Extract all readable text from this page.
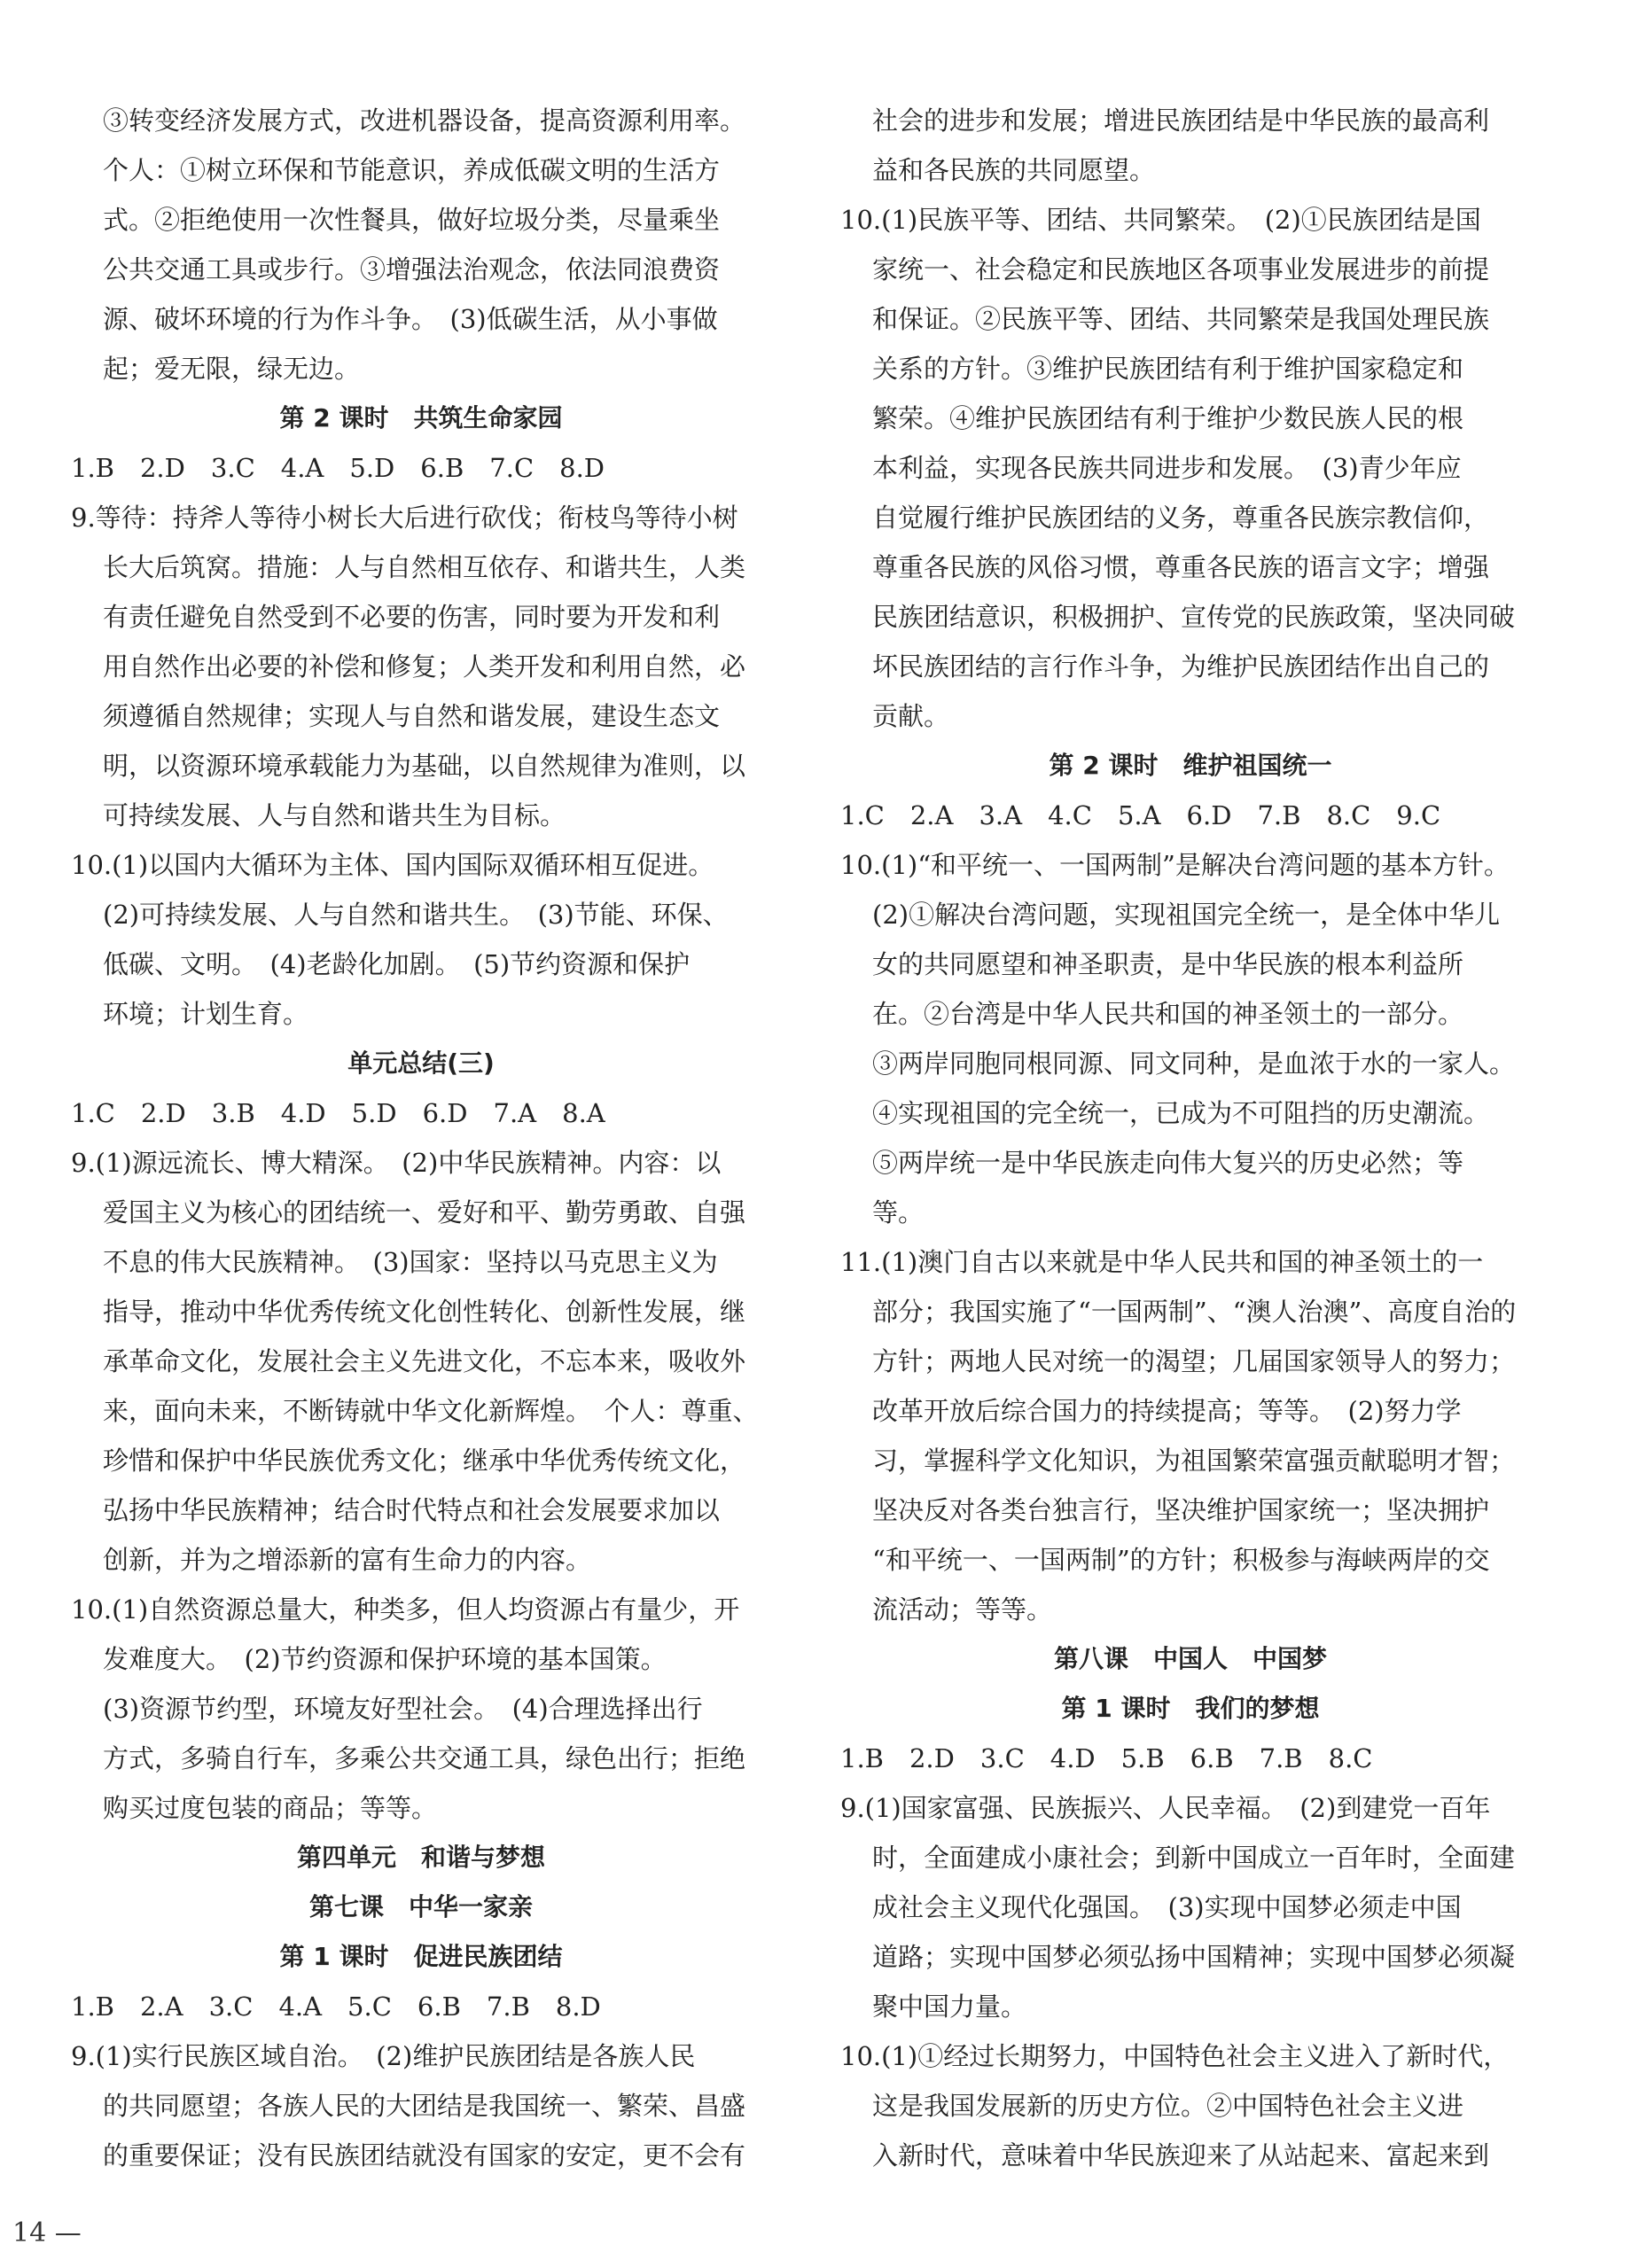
③转变经济发展方式，改进机器设备，提高资源利用率。
个人：①树立环保和节能意识，养成低碳文明的生活方
式。②拒绝使用一次性餐具，做好垃圾分类，尽量乘坐
公共交通工具或步行。③增强法治观念，依法同浪费资
源、破坏环境的行为作斗争。　(3)低碳生活，从小事做
起；爱无限，绿无边。
第 2 课时　共筑生命家园
1.B　2.D　3.C　4.A　5.D　6.B　7.C　8.D
9.等待：持斧人等待小树长大后进行砍伐；衔枝鸟等待小树
长大后筑窝。措施：人与自然相互依存、和谐共生，人类
有责任避免自然受到不必要的伤害，同时要为开发和利
用自然作出必要的补偿和修复；人类开发和利用自然，必
须遵循自然规律；实现人与自然和谐发展，建设生态文
明，以资源环境承载能力为基础，以自然规律为准则，以
可持续发展、人与自然和谐共生为目标。
10.(1)以国内大循环为主体、国内国际双循环相互促进。
(2)可持续发展、人与自然和谐共生。　(3)节能、环保、
低碳、文明。　(4)老龄化加剧。　(5)节约资源和保护
环境；计划生育。
单元总结(三)
1.C　2.D　3.B　4.D　5.D　6.D　7.A　8.A
9.(1)源远流长、博大精深。　(2)中华民族精神。内容：以
爱国主义为核心的团结统一、爱好和平、勤劳勇敢、自强
不息的伟大民族精神。　(3)国家：坚持以马克思主义为
指导，推动中华优秀传统文化创性转化、创新性发展，继
承革命文化，发展社会主义先进文化，不忘本来，吸收外
来，面向未来，不断铸就中华文化新辉煌。　个人：尊重、
珍惜和保护中华民族优秀文化；继承中华优秀传统文化，
弘扬中华民族精神；结合时代特点和社会发展要求加以
创新，并为之增添新的富有生命力的内容。
10.(1)自然资源总量大，种类多，但人均资源占有量少，开
发难度大。　(2)节约资源和保护环境的基本国策。
(3)资源节约型，环境友好型社会。　(4)合理选择出行
方式，多骑自行车，多乘公共交通工具，绿色出行；拒绝
购买过度包装的商品；等等。
第四单元　和谐与梦想
第七课　中华一家亲
第 1 课时　促进民族团结
1.B　2.A　3.C　4.A　5.C　6.B　7.B　8.D
9.(1)实行民族区域自治。　(2)维护民族团结是各族人民
的共同愿望；各族人民的大团结是我国统一、繁荣、昌盛
的重要保证；没有民族团结就没有国家的安定，更不会有
社会的进步和发展；增进民族团结是中华民族的最高利
益和各民族的共同愿望。
10.(1)民族平等、团结、共同繁荣。　(2)①民族团结是国
家统一、社会稳定和民族地区各项事业发展进步的前提
和保证。②民族平等、团结、共同繁荣是我国处理民族
关系的方针。③维护民族团结有利于维护国家稳定和
繁荣。④维护民族团结有利于维护少数民族人民的根
本利益，实现各民族共同进步和发展。　(3)青少年应
自觉履行维护民族团结的义务，尊重各民族宗教信仰，
尊重各民族的风俗习惯，尊重各民族的语言文字；增强
民族团结意识，积极拥护、宣传党的民族政策，坚决同破
坏民族团结的言行作斗争，为维护民族团结作出自己的
贡献。
第 2 课时　维护祖国统一
1.C　2.A　3.A　4.C　5.A　6.D　7.B　8.C　9.C
10.(1)“和平统一、一国两制”是解决台湾问题的基本方针。
(2)①解决台湾问题，实现祖国完全统一，是全体中华儿
女的共同愿望和神圣职责，是中华民族的根本利益所
在。②台湾是中华人民共和国的神圣领土的一部分。
③两岸同胞同根同源、同文同种，是血浓于水的一家人。
④实现祖国的完全统一，已成为不可阻挡的历史潮流。
⑤两岸统一是中华民族走向伟大复兴的历史必然；等
等。
11.(1)澳门自古以来就是中华人民共和国的神圣领土的一
部分；我国实施了“一国两制”、“澳人治澳”、高度自治的
方针；两地人民对统一的渴望；几届国家领导人的努力；
改革开放后综合国力的持续提高；等等。　(2)努力学
习，掌握科学文化知识，为祖国繁荣富强贡献聪明才智；
坚决反对各类台独言行，坚决维护国家统一；坚决拥护
“和平统一、一国两制”的方针；积极参与海峡两岸的交
流活动；等等。
第八课　中国人　中国梦
第 1 课时　我们的梦想
1.B　2.D　3.C　4.D　5.B　6.B　7.B　8.C
9.(1)国家富强、民族振兴、人民幸福。　(2)到建党一百年
时，全面建成小康社会；到新中国成立一百年时，全面建
成社会主义现代化强国。　(3)实现中国梦必须走中国
道路；实现中国梦必须弘扬中国精神；实现中国梦必须凝
聚中国力量。
10.(1)①经过长期努力，中国特色社会主义进入了新时代，
这是我国发展新的历史方位。②中国特色社会主义进
入新时代，意味着中华民族迎来了从站起来、富起来到
14 —
